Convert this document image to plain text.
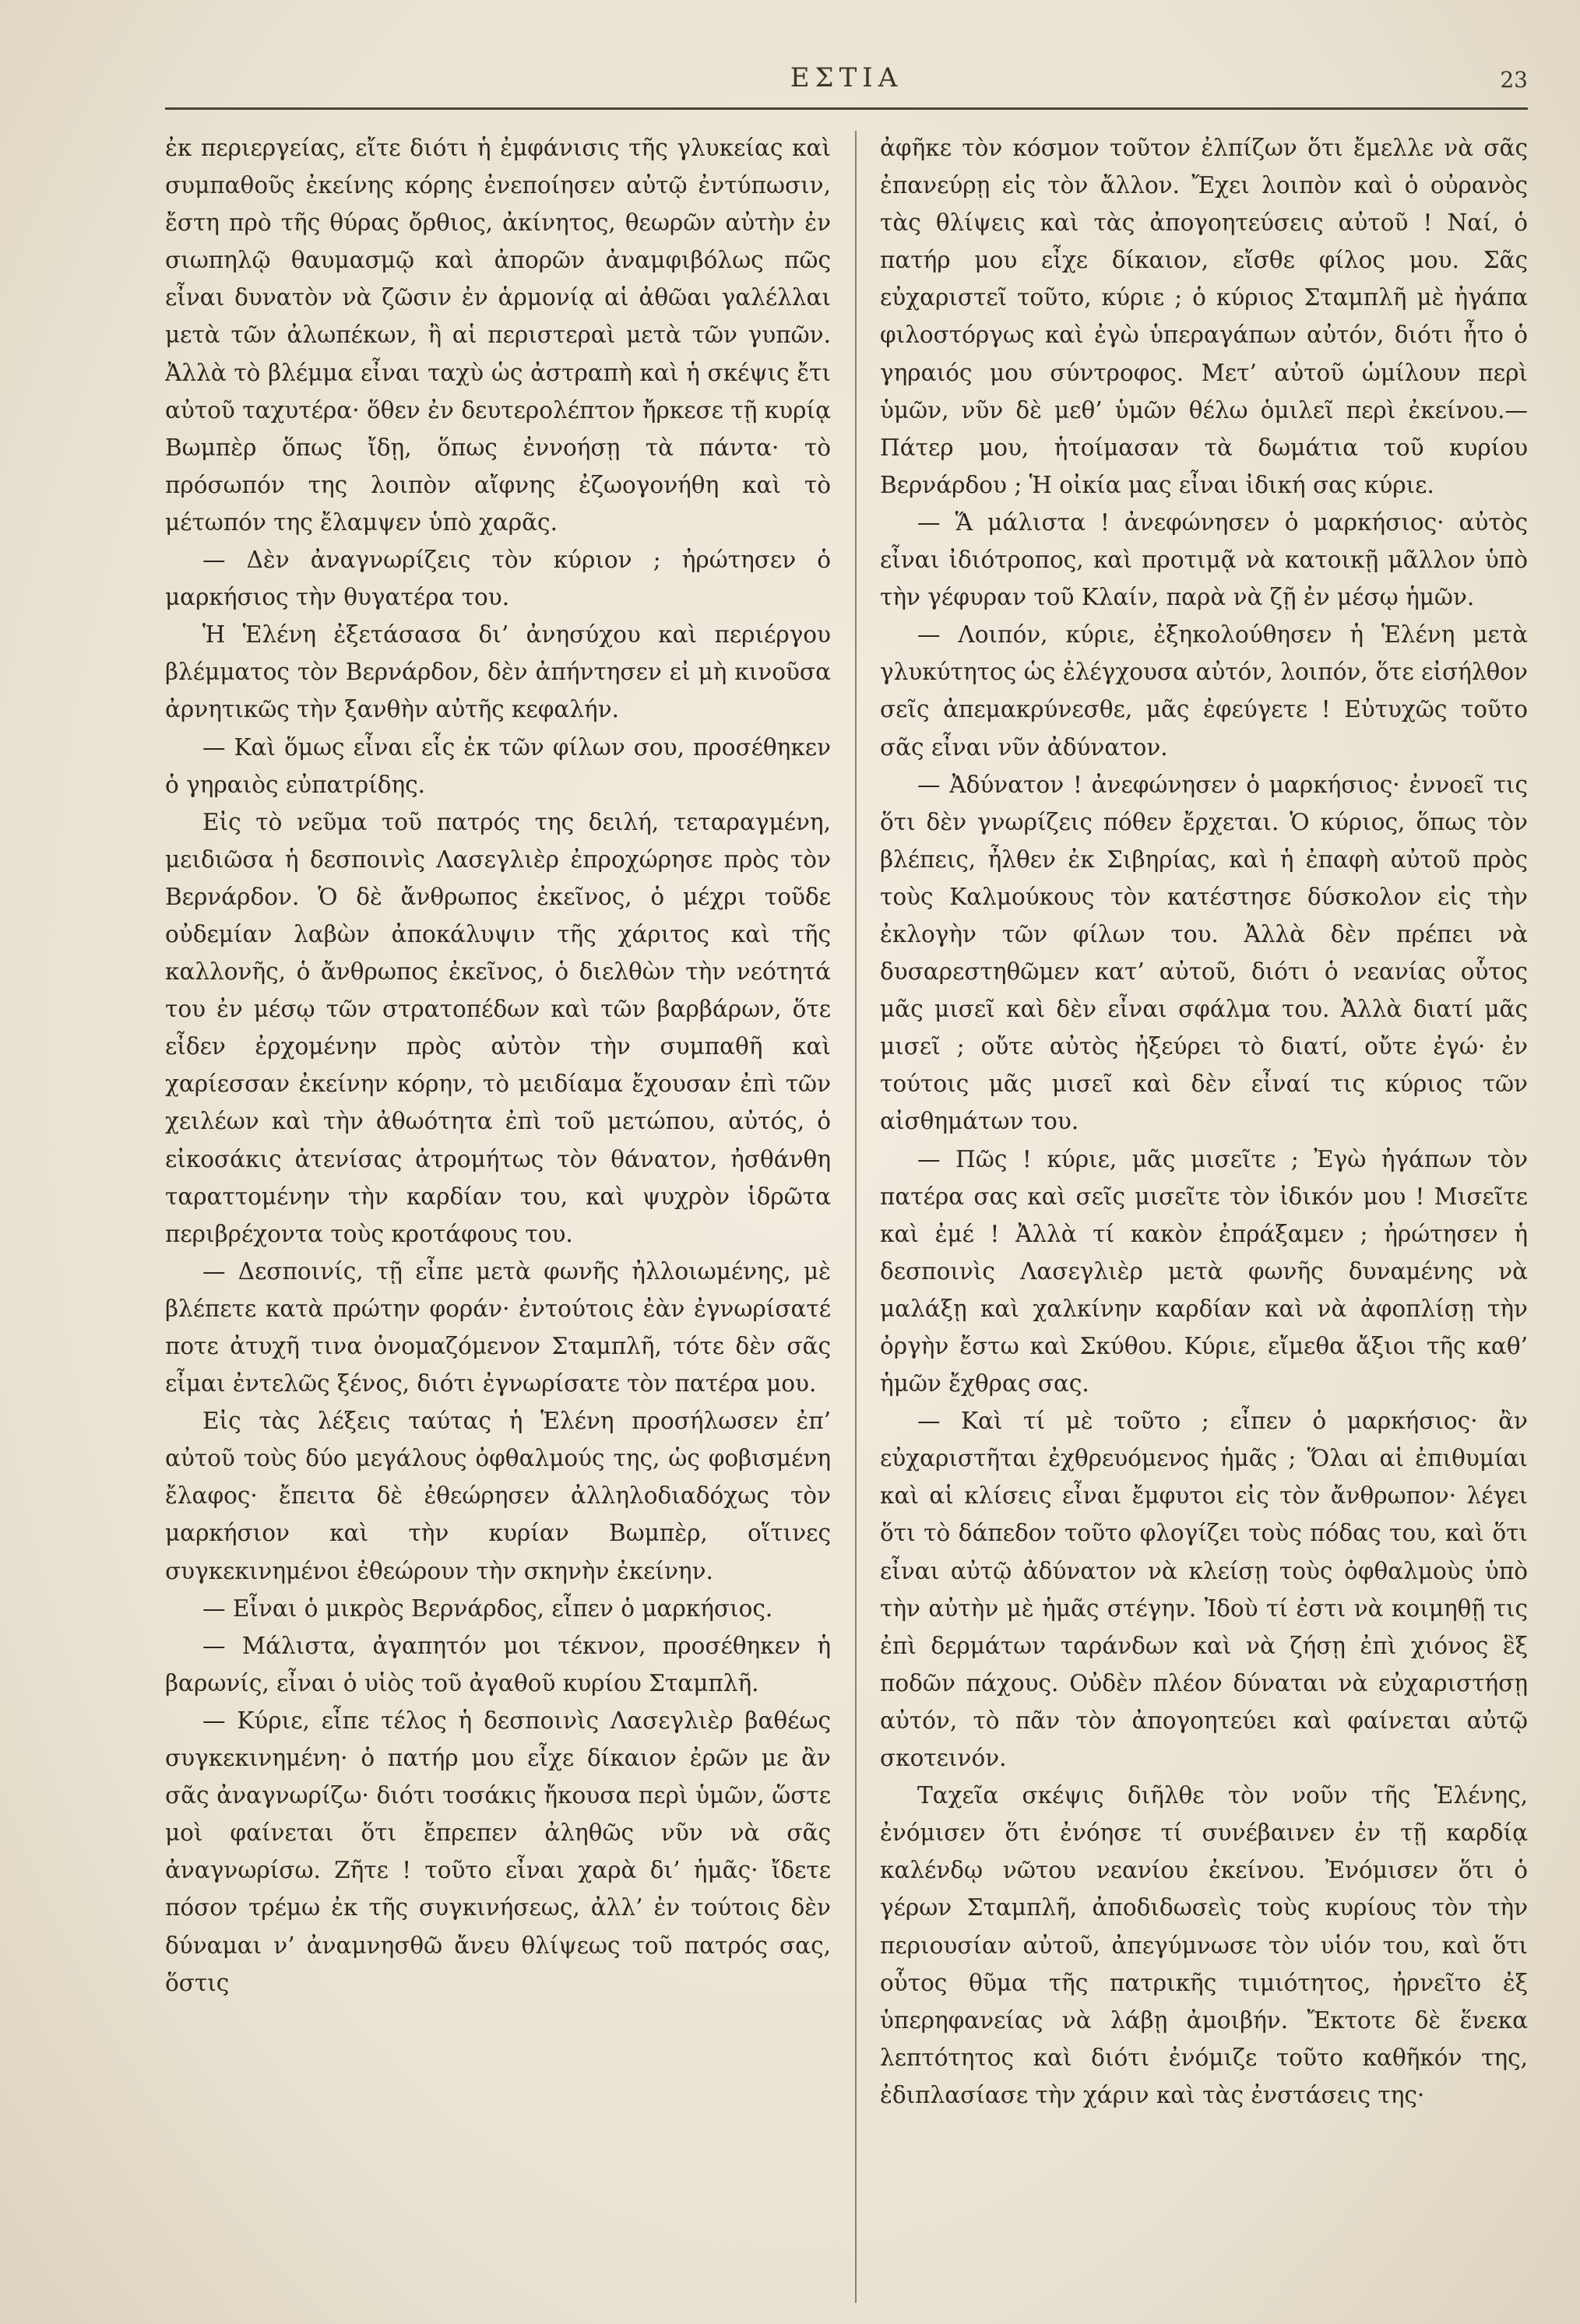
ΕΣΤΙΑ	23

ἐκ περιεργείας, εἴτε διότι ἡ ἐμφάνισις τῆς γλυκείας καὶ συμπαθοῦς ἐκείνης κόρης ἐνεποίησεν αὐτῷ ἐντύπωσιν, ἔστη πρὸ τῆς θύρας ὄρθιος, ἀκίνητος, θεωρῶν αὐτὴν ἐν σιωπηλῷ θαυμασμῷ καὶ ἀπορῶν ἀναμφιβόλως πῶς εἶναι δυνατὸν νὰ ζῶσιν ἐν ἁρμονίᾳ αἱ ἀθῶαι γαλέλλαι μετὰ τῶν ἀλωπέκων, ἢ αἱ περιστεραὶ μετὰ τῶν γυπῶν. Ἀλλὰ τὸ βλέμμα εἶναι ταχὺ ὡς ἀστραπὴ καὶ ἡ σκέψις ἔτι αὐτοῦ ταχυτέρα· ὅθεν ἐν δευτερολέπτον ἤρκεσε τῇ κυρίᾳ Βωμπὲρ ὅπως ἴδῃ, ὅπως ἐννοήσῃ τὰ πάντα· τὸ πρόσωπόν της λοιπὸν αἴφνης ἐζωογονήθη καὶ τὸ μέτωπόν της ἔλαμψεν ὑπὸ χαρᾶς.

— Δὲν ἀναγνωρίζεις τὸν κύριον ; ἠρώτησεν ὁ μαρκήσιος τὴν θυγατέρα του.

Ἡ Ἑλένη ἐξετάσασα δι’ ἀνησύχου καὶ περιέργου βλέμματος τὸν Βερνάρδον, δὲν ἀπήντησεν εἰ μὴ κινοῦσα ἀρνητικῶς τὴν ξανθὴν αὐτῆς κεφαλήν.

— Καὶ ὅμως εἶναι εἷς ἐκ τῶν φίλων σου, προσέθηκεν ὁ γηραιὸς εὐπατρίδης.

Εἰς τὸ νεῦμα τοῦ πατρός της δειλή, τεταραγμένη, μειδιῶσα ἡ δεσποινὶς Λασεγλιὲρ ἐπροχώρησε πρὸς τὸν Βερνάρδον. Ὁ δὲ ἄνθρωπος ἐκεῖνος, ὁ μέχρι τοῦδε οὐδεμίαν λαβὼν ἀποκάλυψιν τῆς χάριτος καὶ τῆς καλλονῆς, ὁ ἄνθρωπος ἐκεῖνος, ὁ διελθὼν τὴν νεότητά του ἐν μέσῳ τῶν στρατοπέδων καὶ τῶν βαρβάρων, ὅτε εἶδεν ἐρχομένην πρὸς αὐτὸν τὴν συμπαθῆ καὶ χαρίεσσαν ἐκείνην κόρην, τὸ μειδίαμα ἔχουσαν ἐπὶ τῶν χειλέων καὶ τὴν ἀθωότητα ἐπὶ τοῦ μετώπου, αὐτός, ὁ εἰκοσάκις ἀτενίσας ἀτρομήτως τὸν θάνατον, ἠσθάνθη ταραττομένην τὴν καρδίαν του, καὶ ψυχρὸν ἱδρῶτα περιβρέχοντα τοὺς κροτάφους του.

— Δεσποινίς, τῇ εἶπε μετὰ φωνῆς ἠλλοιωμένης, μὲ βλέπετε κατὰ πρώτην φοράν· ἐντούτοις ἐὰν ἐγνωρίσατέ ποτε ἀτυχῆ τινα ὀνομαζόμενον Σταμπλῆ, τότε δὲν σᾶς εἶμαι ἐντελῶς ξένος, διότι ἐγνωρίσατε τὸν πατέρα μου.

Εἰς τὰς λέξεις ταύτας ἡ Ἑλένη προσήλωσεν ἐπ’ αὐτοῦ τοὺς δύο μεγάλους ὀφθαλμούς της, ὡς φοβισμένη ἔλαφος· ἔπειτα δὲ ἐθεώρησεν ἀλληλοδιαδόχως τὸν μαρκήσιον καὶ τὴν κυρίαν Βωμπὲρ, οἵτινες συγκεκινημένοι ἐθεώρουν τὴν σκηνὴν ἐκείνην.

— Εἶναι ὁ μικρὸς Βερνάρδος, εἶπεν ὁ μαρκήσιος.

— Μάλιστα, ἀγαπητόν μοι τέκνον, προσέθηκεν ἡ βαρωνίς, εἶναι ὁ υἱὸς τοῦ ἀγαθοῦ κυρίου Σταμπλῆ.

— Κύριε, εἶπε τέλος ἡ δεσποινὶς Λασεγλιὲρ βαθέως συγκεκινημένη· ὁ πατήρ μου εἶχε δίκαιον ἐρῶν με ἂν σᾶς ἀναγνωρίζω· διότι τοσάκις ἤκουσα περὶ ὑμῶν, ὥστε μοὶ φαίνεται ὅτι ἔπρεπεν ἀληθῶς νῦν νὰ σᾶς ἀναγνωρίσω. Ζῆτε ! τοῦτο εἶναι χαρὰ δι’ ἡμᾶς· ἴδετε πόσον τρέμω ἐκ τῆς συγκινήσεως, ἀλλ’ ἐν τούτοις δὲν δύναμαι ν’ ἀναμνησθῶ ἄνευ θλίψεως τοῦ πατρός σας, ὅστις

ἀφῆκε τὸν κόσμον τοῦτον ἐλπίζων ὅτι ἔμελλε νὰ σᾶς ἐπανεύρῃ εἰς τὸν ἄλλον. Ἔχει λοιπὸν καὶ ὁ οὐρανὸς τὰς θλίψεις καὶ τὰς ἀπογοητεύσεις αὐτοῦ ! Ναί, ὁ πατήρ μου εἶχε δίκαιον, εἴσθε φίλος μου. Σᾶς εὐχαριστεῖ τοῦτο, κύριε ; ὁ κύριος Σταμπλῆ μὲ ἠγάπα φιλοστόργως καὶ ἐγὼ ὑπεραγάπων αὐτόν, διότι ἦτο ὁ γηραιός μου σύντροφος. Μετ’ αὐτοῦ ὡμίλουν περὶ ὑμῶν, νῦν δὲ μεθ’ ὑμῶν θέλω ὁμιλεῖ περὶ ἐκείνου.—Πάτερ μου, ἡτοίμασαν τὰ δωμάτια τοῦ κυρίου Βερνάρδου ; Ἡ οἰκία μας εἶναι ἰδική σας κύριε.

— Ἅ μάλιστα ! ἀνεφώνησεν ὁ μαρκήσιος· αὐτὸς εἶναι ἰδιότροπος, καὶ προτιμᾷ νὰ κατοικῇ μᾶλλον ὑπὸ τὴν γέφυραν τοῦ Κλαίν, παρὰ νὰ ζῇ ἐν μέσῳ ἡμῶν.

— Λοιπόν, κύριε, ἐξηκολούθησεν ἡ Ἑλένη μετὰ γλυκύτητος ὡς ἐλέγχουσα αὐτόν, λοιπόν, ὅτε εἰσήλθον σεῖς ἀπεμακρύνεσθε, μᾶς ἐφεύγετε ! Εὐτυχῶς τοῦτο σᾶς εἶναι νῦν ἀδύνατον.

— Ἀδύνατον ! ἀνεφώνησεν ὁ μαρκήσιος· ἐννοεῖ τις ὅτι δὲν γνωρίζεις πόθεν ἔρχεται. Ὁ κύριος, ὅπως τὸν βλέπεις, ἦλθεν ἐκ Σιβηρίας, καὶ ἡ ἐπαφὴ αὐτοῦ πρὸς τοὺς Καλμούκους τὸν κατέστησε δύσκολον εἰς τὴν ἐκλογὴν τῶν φίλων του. Ἀλλὰ δὲν πρέπει νὰ δυσαρεστηθῶμεν κατ’ αὐτοῦ, διότι ὁ νεανίας οὗτος μᾶς μισεῖ καὶ δὲν εἶναι σφάλμα του. Ἀλλὰ διατί μᾶς μισεῖ ; οὔτε αὐτὸς ἠξεύρει τὸ διατί, οὔτε ἐγώ· ἐν τούτοις μᾶς μισεῖ καὶ δὲν εἶναί τις κύριος τῶν αἰσθημάτων του.

— Πῶς ! κύριε, μᾶς μισεῖτε ; Ἐγὼ ἠγάπων τὸν πατέρα σας καὶ σεῖς μισεῖτε τὸν ἰδικόν μου ! Μισεῖτε καὶ ἐμέ ! Ἀλλὰ τί κακὸν ἐπράξαμεν ; ἠρώτησεν ἡ δεσποινὶς Λασεγλιὲρ μετὰ φωνῆς δυναμένης νὰ μαλάξῃ καὶ χαλκίνην καρδίαν καὶ νὰ ἀφοπλίσῃ τὴν ὀργὴν ἔστω καὶ Σκύθου. Κύριε, εἴμεθα ἄξιοι τῆς καθ’ ἡμῶν ἔχθρας σας.

— Καὶ τί μὲ τοῦτο ; εἶπεν ὁ μαρκήσιος· ἂν εὐχαριστῆται ἐχθρευόμενος ἡμᾶς ; Ὅλαι αἱ ἐπιθυμίαι καὶ αἱ κλίσεις εἶναι ἔμφυτοι εἰς τὸν ἄνθρωπον· λέγει ὅτι τὸ δάπεδον τοῦτο φλογίζει τοὺς πόδας του, καὶ ὅτι εἶναι αὐτῷ ἀδύνατον νὰ κλείσῃ τοὺς ὀφθαλμοὺς ὑπὸ τὴν αὐτὴν μὲ ἡμᾶς στέγην. Ἰδοὺ τί ἐστι νὰ κοιμηθῇ τις ἐπὶ δερμάτων ταράνδων καὶ νὰ ζήσῃ ἐπὶ χιόνος ἓξ ποδῶν πάχους. Οὐδὲν πλέον δύναται νὰ εὐχαριστήσῃ αὐτόν, τὸ πᾶν τὸν ἀπογοητεύει καὶ φαίνεται αὐτῷ σκοτεινόν.

Ταχεῖα σκέψις διῆλθε τὸν νοῦν τῆς Ἑλένης, ἐνόμισεν ὅτι ἐνόησε τί συνέβαινεν ἐν τῇ καρδίᾳ καλένδῳ νῶτου νεανίου ἐκείνου. Ἐνόμισεν ὅτι ὁ γέρων Σταμπλῆ, ἀποδιδωσεὶς τοὺς κυρίους τὸν τὴν περιουσίαν αὐτοῦ, ἀπεγύμνωσε τὸν υἱόν του, καὶ ὅτι οὗτος θῦμα τῆς πατρικῆς τιμιότητος, ἠρνεῖτο ἐξ ὑπερηφανείας νὰ λάβῃ ἀμοιβήν. Ἔκτοτε δὲ ἕνεκα λεπτότητος καὶ διότι ἐνόμιζε τοῦτο καθῆκόν της, ἐδιπλασίασε τὴν χάριν καὶ τὰς ἐνστάσεις της·
